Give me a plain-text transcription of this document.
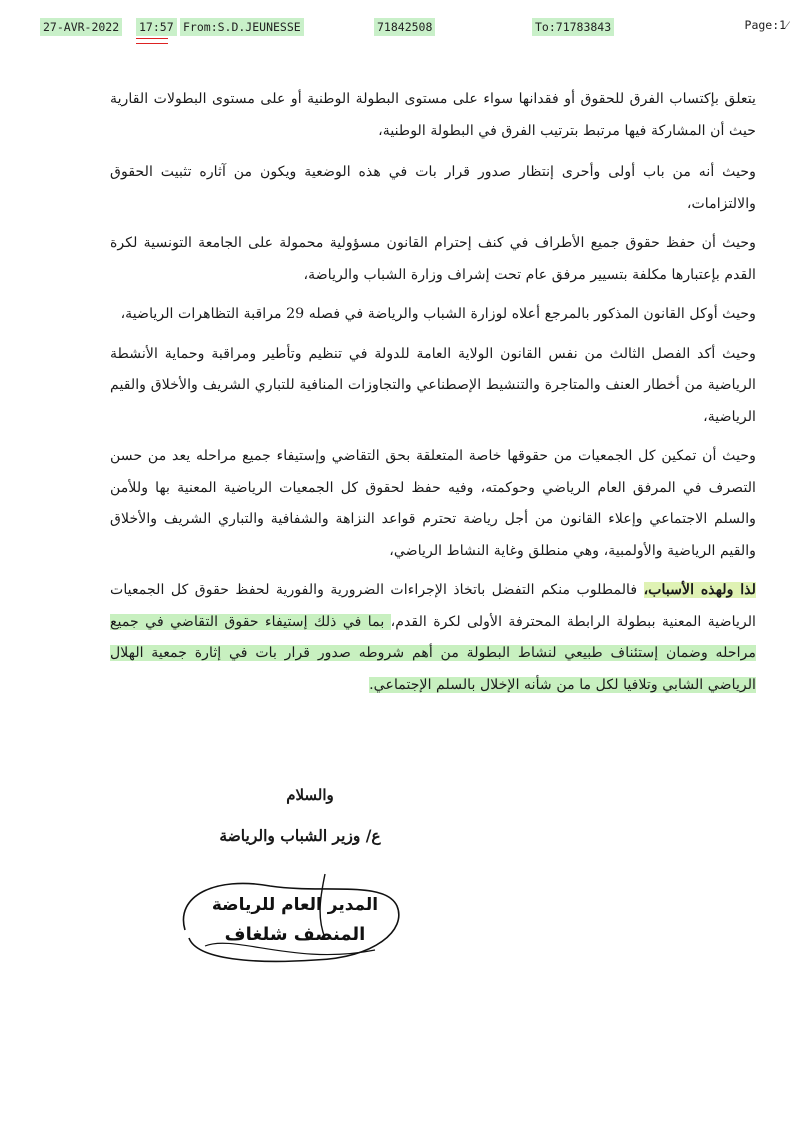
27-AVR-2022 17:57 From:S.D.JEUNESSE	71842508	To:71783843	Page:1⁄

يتعلق بإكتساب الفرق للحقوق أو فقدانها سواء على مستوى البطولة الوطنية أو على مستوى البطولات القارية حيث أن المشاركة فيها مرتبط بترتيب الفرق في البطولة الوطنية،

وحيث أنه من باب أولى وأحرى إنتظار صدور قرار بات في هذه الوضعية ويكون من آثاره تثبيت الحقوق والالتزامات،

وحيث أن حفظ حقوق جميع الأطراف في كنف إحترام القانون مسؤولية محمولة على الجامعة التونسية لكرة القدم بإعتبارها مكلفة بتسيير مرفق عام تحت إشراف وزارة الشباب والرياضة،

وحيث أوكل القانون المذكور بالمرجع أعلاه لوزارة الشباب والرياضة في فصله 29 مراقبة التظاهرات الرياضية،

وحيث أكد الفصل الثالث من نفس القانون الولاية العامة للدولة في تنظيم وتأطير ومراقبة وحماية الأنشطة الرياضية من أخطار العنف والمتاجرة والتنشيط الإصطناعي والتجاوزات المنافية للتباري الشريف والأخلاق والقيم الرياضية،

وحيث أن تمكين كل الجمعيات من حقوقها خاصة المتعلقة بحق التقاضي وإستيفاء جميع مراحله يعد من حسن التصرف في المرفق العام الرياضي وحوكمته، وفيه حفظ لحقوق كل الجمعيات الرياضية المعنية بها وللأمن والسلم الاجتماعي وإعلاء القانون من أجل رياضة تحترم قواعد النزاهة والشفافية والتباري الشريف والأخلاق والقيم الرياضية والأولمبية، وهي منطلق وغاية النشاط الرياضي،

لذا ولهذه الأسباب، فالمطلوب منكم التفضل باتخاذ الإجراءات الضرورية والفورية لحفظ حقوق كل الجمعيات الرياضية المعنية ببطولة الرابطة المحترفة الأولى لكرة القدم، بما في ذلك إستيفاء حقوق التقاضي في جميع مراحله وضمان إستئناف طبيعي لنشاط البطولة من أهم شروطه صدور قرار بات في إثارة جمعية الهلال الرياضي الشابي وتلافيا لكل ما من شأنه الإخلال بالسلم الإجتماعي.

والسلام
ع/ وزير الشباب والرياضة
المدير العام للرياضة
المنصف شلغاف
